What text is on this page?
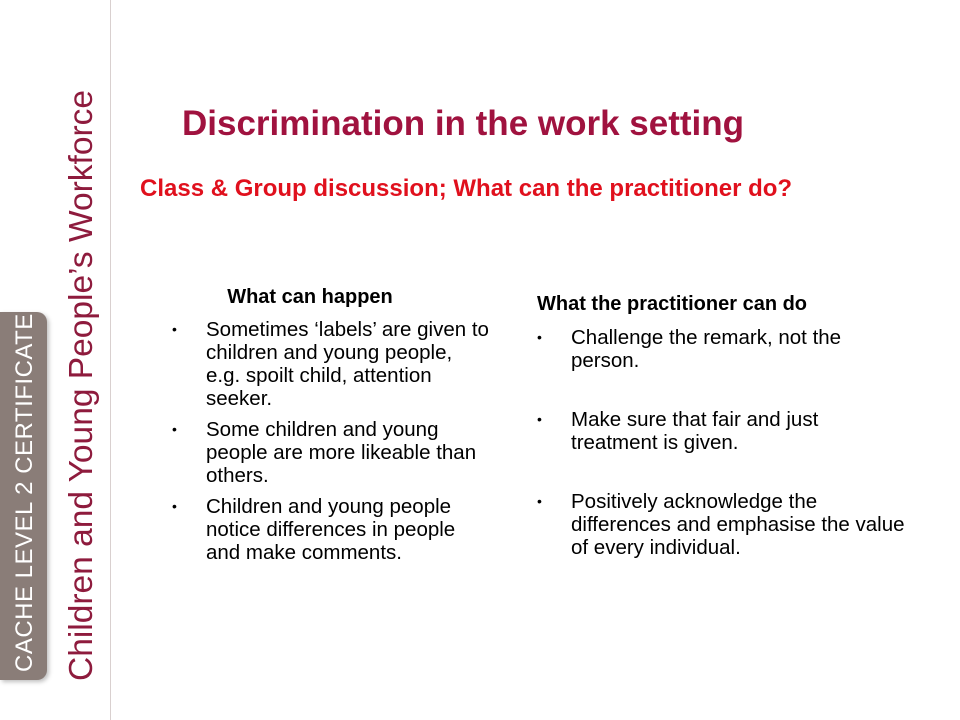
CACHE LEVEL 2 CERTIFICATE Children and Young People’s Workforce Discrimination in the work setting
Class & Group discussion; What can the practitioner do?

What can happen

• Sometimes ‘labels’ are given to children and young people, e.g. spoilt child, attention seeker.
• Some children and young people are more likeable than others.
• Children and young people notice differences in people and make comments.

What the practitioner can do

• Challenge the remark, not the person.
• Make sure that fair and just treatment is given.
• Positively acknowledge the differences and emphasise the value of every individual.
